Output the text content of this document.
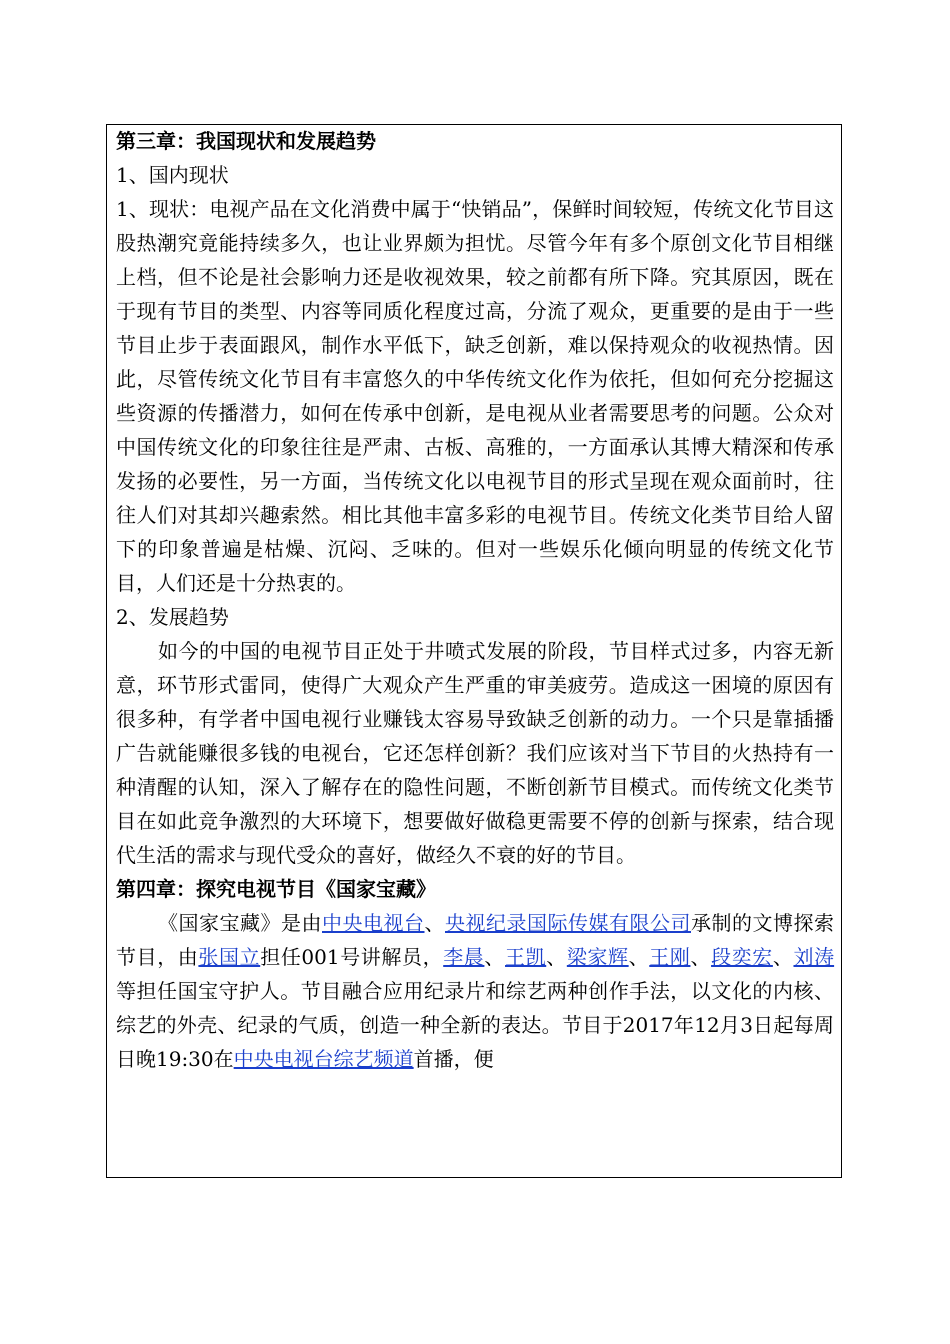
第三章：我国现状和发展趋势

1、国内现状

1、现状：电视产品在文化消费中属于“快销品”，保鲜时间较短，传统文化节目这股热潮究竟能持续多久，也让业界颇为担忧。尽管今年有多个原创文化节目相继上档，但不论是社会影响力还是收视效果，较之前都有所下降。究其原因，既在于现有节目的类型、内容等同质化程度过高，分流了观众，更重要的是由于一些节目止步于表面跟风，制作水平低下，缺乏创新，难以保持观众的收视热情。因此，尽管传统文化节目有丰富悠久的中华传统文化作为依托，但如何充分挖掘这些资源的传播潜力，如何在传承中创新，是电视从业者需要思考的问题。公众对中国传统文化的印象往往是严肃、古板、高雅的，一方面承认其博大精深和传承发扬的必要性，另一方面，当传统文化以电视节目的形式呈现在观众面前时，往往人们对其却兴趣索然。相比其他丰富多彩的电视节目。传统文化类节目给人留下的印象普遍是枯燥、沉闷、乏味的。但对一些娱乐化倾向明显的传统文化节目，人们还是十分热衷的。

2、发展趋势

如今的中国的电视节目正处于井喷式发展的阶段，节目样式过多，内容无新意，环节形式雷同，使得广大观众产生严重的审美疲劳。造成这一困境的原因有很多种，有学者中国电视行业赚钱太容易导致缺乏创新的动力。一个只是靠插播广告就能赚很多钱的电视台，它还怎样创新？我们应该对当下节目的火热持有一种清醒的认知，深入了解存在的隐性问题，不断创新节目模式。而传统文化类节目在如此竞争激烈的大环境下，想要做好做稳更需要不停的创新与探索，结合现代生活的需求与现代受众的喜好，做经久不衰的好的节目。

第四章：探究电视节目《国家宝藏》

《国家宝藏》是由中央电视台、央视纪录国际传媒有限公司承制的文博探索节目，由张国立担任001号讲解员，李晨、王凯、梁家辉、王刚、段奕宏、刘涛等担任国宝守护人。节目融合应用纪录片和综艺两种创作手法，以文化的内核、综艺的外壳、纪录的气质，创造一种全新的表达。节目于2017年12月3日起每周日晚19:30在中央电视台综艺频道首播，便
